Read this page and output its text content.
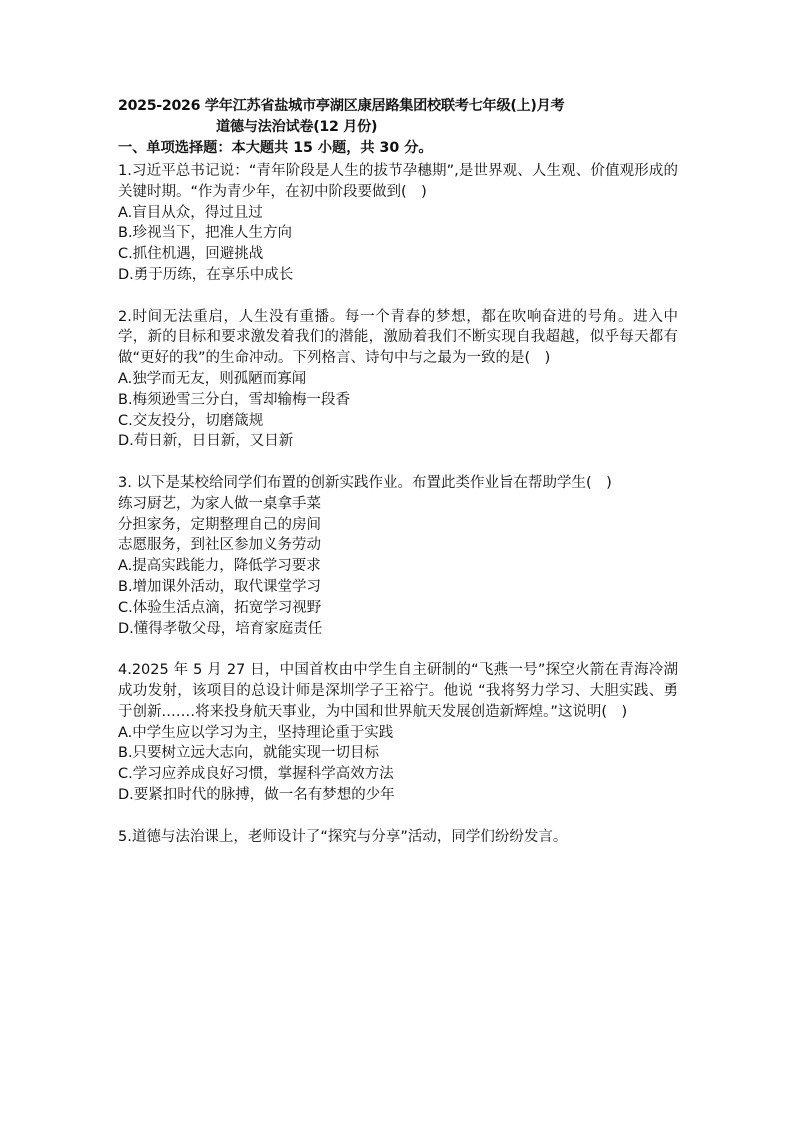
2025-2026 学年江苏省盐城市亭湖区康居路集团校联考七年级(上)月考
道德与法治试卷(12 月份)
一、单项选择题：本大题共 15 小题，共 30 分。
1.习近平总书记说：“青年阶段是人生的拔节孕穗期”,是世界观、人生观、价值观形成的关键时期。“作为青少年，在初中阶段要做到(　)
A.盲目从众，得过且过
B.珍视当下，把准人生方向
C.抓住机遇，回避挑战
D.勇于历练，在享乐中成长
2.时间无法重启，人生没有重播。每一个青春的梦想，都在吹响奋进的号角。进入中学，新的目标和要求激发着我们的潜能，激励着我们不断实现自我超越，似乎每天都有做“更好的我”的生命冲动。下列格言、诗句中与之最为一致的是(　)
A.独学而无友，则孤陋而寡闻
B.梅须逊雪三分白，雪却输梅一段香
C.交友投分，切磨箴规
D.苟日新，日日新，又日新
3. 以下是某校给同学们布置的创新实践作业。布置此类作业旨在帮助学生(　)
练习厨艺，为家人做一桌拿手菜
分担家务，定期整理自己的房间
志愿服务，到社区参加义务劳动
A.提高实践能力，降低学习要求
B.增加课外活动，取代课堂学习
C.体验生活点滴，拓宽学习视野
D.懂得孝敬父母，培育家庭责任
4.2025 年 5 月 27 日，中国首枚由中学生自主研制的“飞燕一号”探空火箭在青海冷湖成功发射，该项目的总设计师是深圳学子王裕宁。他说 “我将努力学习、大胆实践、勇于创新.……将来投身航天事业，为中国和世界航天发展创造新辉煌。”这说明(　)
A.中学生应以学习为主，坚持理论重于实践
B.只要树立远大志向，就能实现一切目标
C.学习应养成良好习惯，掌握科学高效方法
D.要紧扣时代的脉搏，做一名有梦想的少年
5.道德与法治课上，老师设计了“探究与分享”活动，同学们纷纷发言。
